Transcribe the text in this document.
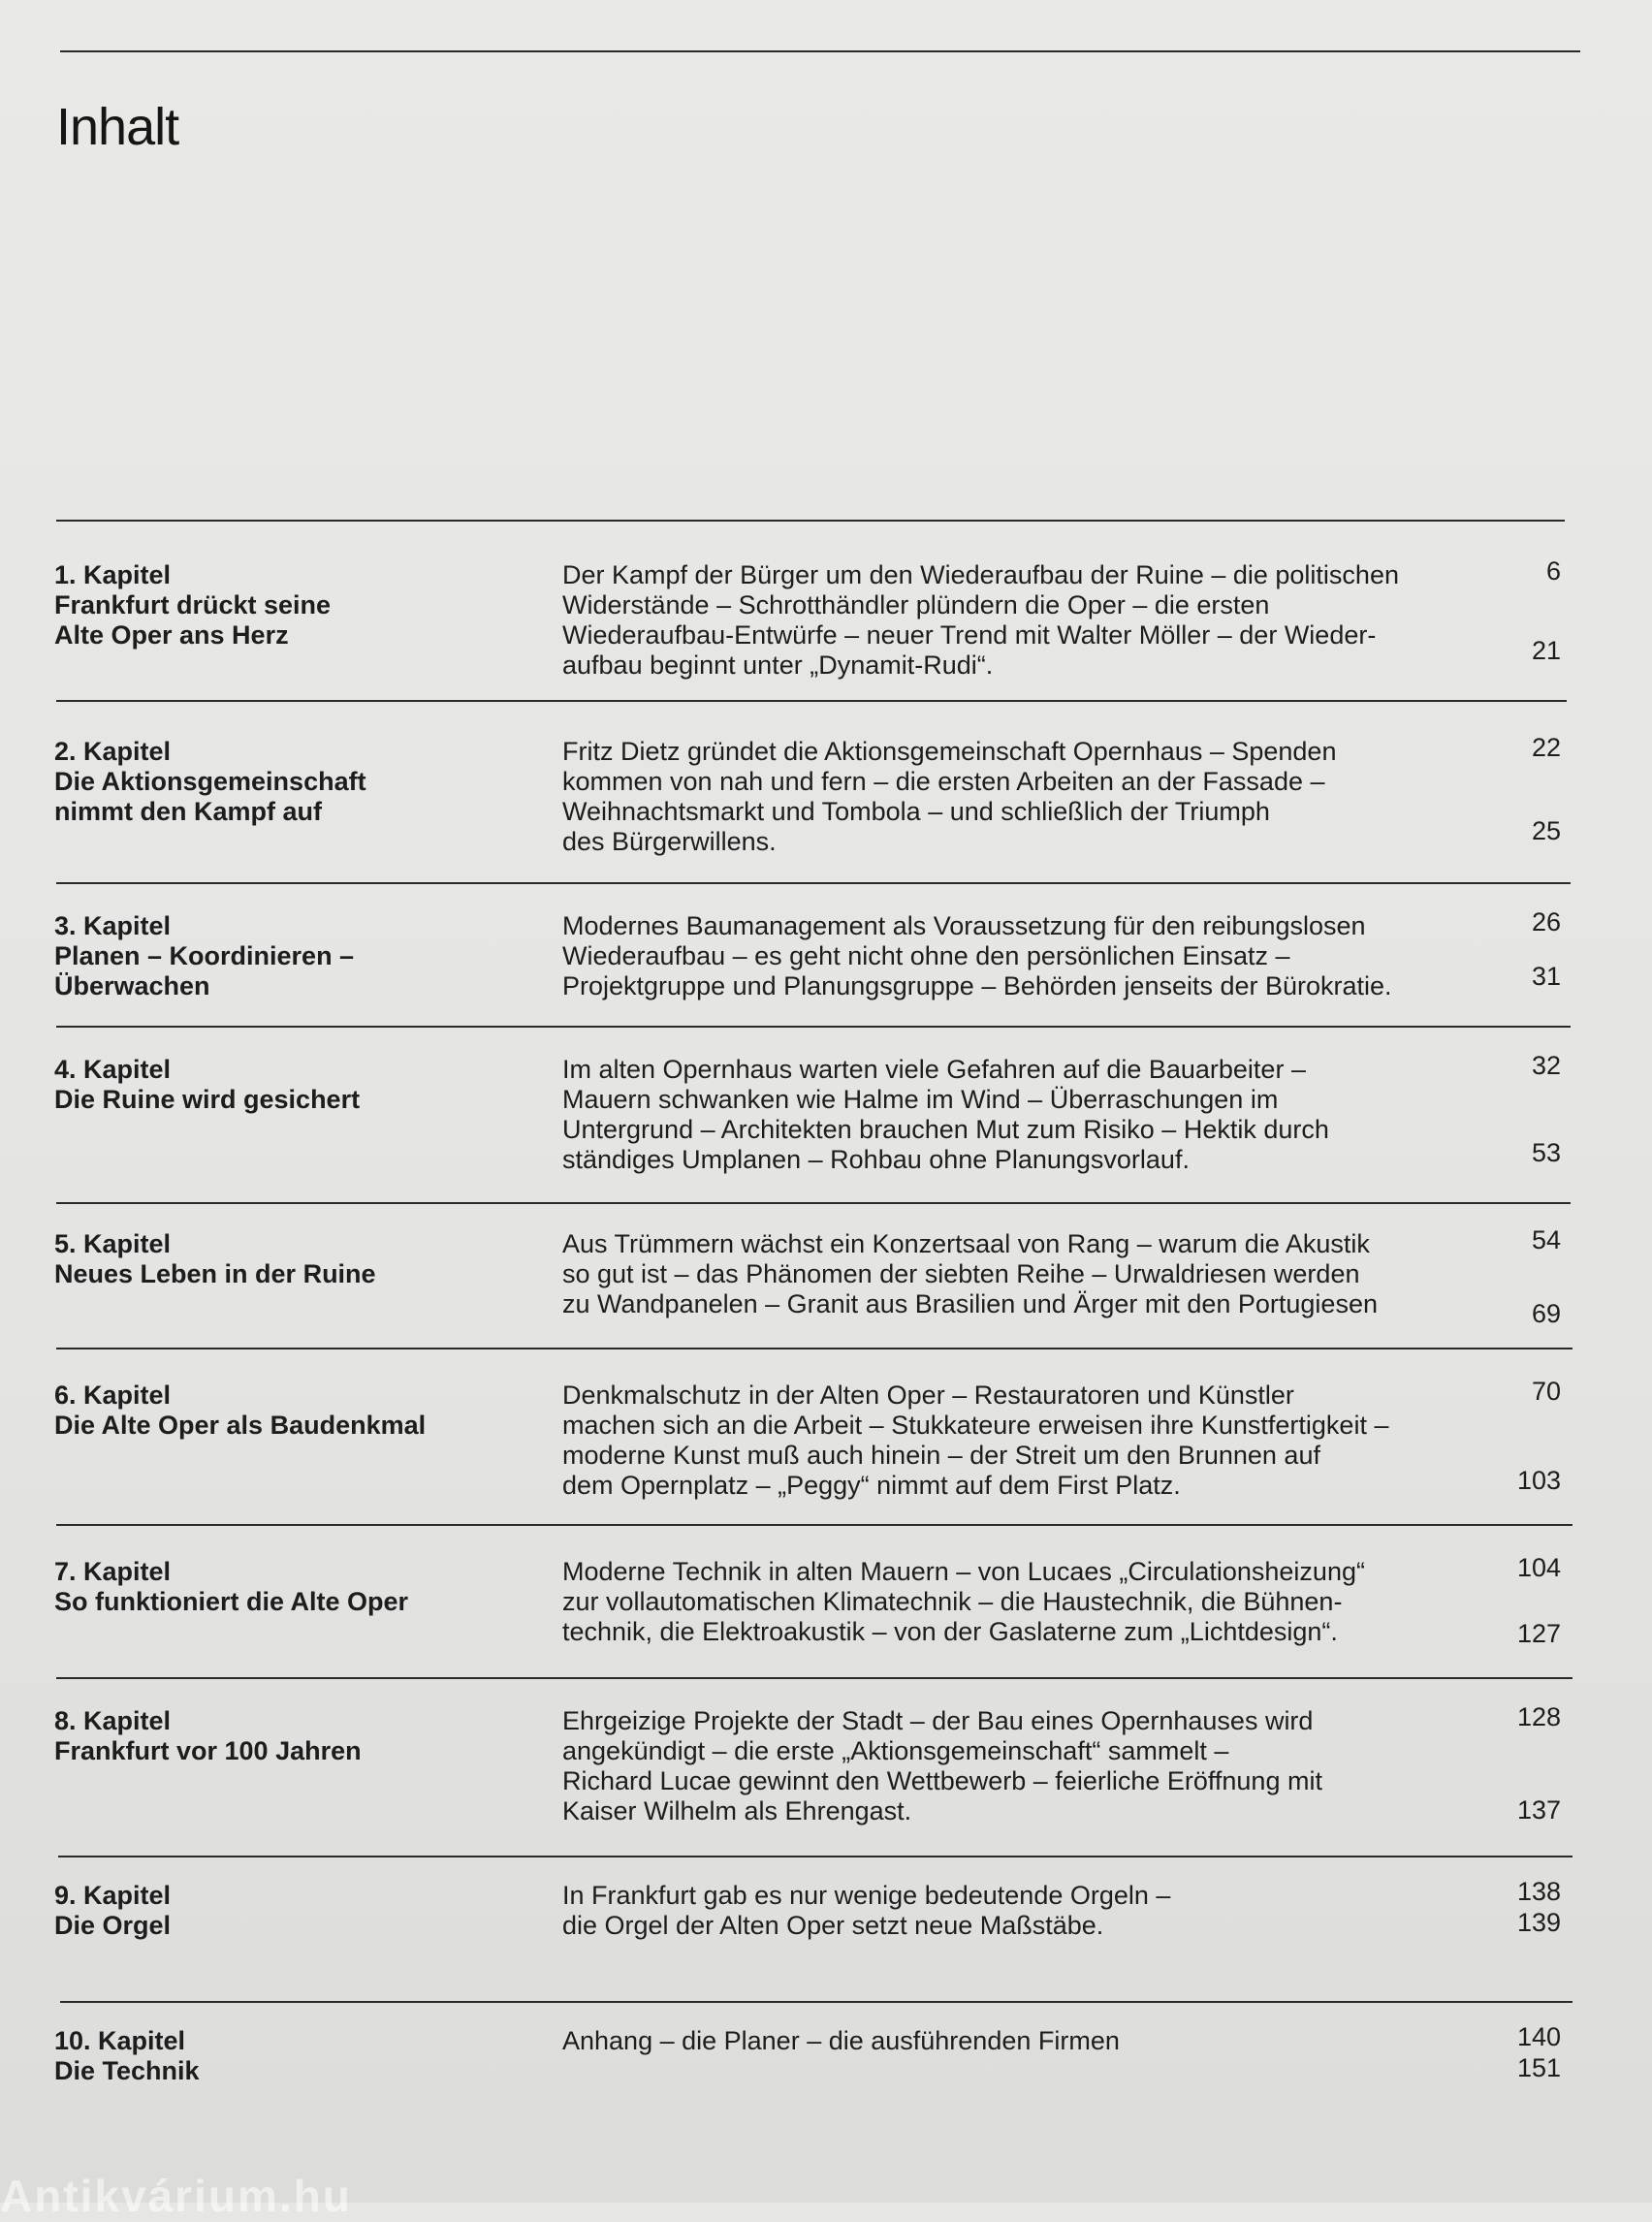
Inhalt
1. Kapitel
Frankfurt drückt seine
Alte Oper ans Herz
Der Kampf der Bürger um den Wiederaufbau der Ruine – die politischen
Widerstände – Schrotthändler plündern die Oper – die ersten
Wiederaufbau-Entwürfe – neuer Trend mit Walter Möller – der Wieder-
aufbau beginnt unter „Dynamit-Rudi“.
6
21
2. Kapitel
Die Aktionsgemeinschaft
nimmt den Kampf auf
Fritz Dietz gründet die Aktionsgemeinschaft Opernhaus – Spenden
kommen von nah und fern – die ersten Arbeiten an der Fassade –
Weihnachtsmarkt und Tombola – und schließlich der Triumph
des Bürgerwillens.
22
25
3. Kapitel
Planen – Koordinieren –
Überwachen
Modernes Baumanagement als Voraussetzung für den reibungslosen
Wiederaufbau – es geht nicht ohne den persönlichen Einsatz –
Projektgruppe und Planungsgruppe – Behörden jenseits der Bürokratie.
26
31
4. Kapitel
Die Ruine wird gesichert
Im alten Opernhaus warten viele Gefahren auf die Bauarbeiter –
Mauern schwanken wie Halme im Wind – Überraschungen im
Untergrund – Architekten brauchen Mut zum Risiko – Hektik durch
ständiges Umplanen – Rohbau ohne Planungsvorlauf.
32
53
5. Kapitel
Neues Leben in der Ruine
Aus Trümmern wächst ein Konzertsaal von Rang – warum die Akustik
so gut ist – das Phänomen der siebten Reihe – Urwaldriesen werden
zu Wandpanelen – Granit aus Brasilien und Ärger mit den Portugiesen
54
69
6. Kapitel
Die Alte Oper als Baudenkmal
Denkmalschutz in der Alten Oper – Restauratoren und Künstler
machen sich an die Arbeit – Stukkateure erweisen ihre Kunstfertigkeit –
moderne Kunst muß auch hinein – der Streit um den Brunnen auf
dem Opernplatz – „Peggy“ nimmt auf dem First Platz.
70
103
7. Kapitel
So funktioniert die Alte Oper
Moderne Technik in alten Mauern – von Lucaes „Circulationsheizung“
zur vollautomatischen Klimatechnik – die Haustechnik, die Bühnen-
technik, die Elektroakustik – von der Gaslaterne zum „Lichtdesign“.
104
127
8. Kapitel
Frankfurt vor 100 Jahren
Ehrgeizige Projekte der Stadt – der Bau eines Opernhauses wird
angekündigt – die erste „Aktionsgemeinschaft“ sammelt –
Richard Lucae gewinnt den Wettbewerb – feierliche Eröffnung mit
Kaiser Wilhelm als Ehrengast.
128
137
9. Kapitel
Die Orgel
In Frankfurt gab es nur wenige bedeutende Orgeln –
die Orgel der Alten Oper setzt neue Maßstäbe.
138
139
10. Kapitel
Die Technik
Anhang – die Planer – die ausführenden Firmen	140
151
Antikvárium.hu
